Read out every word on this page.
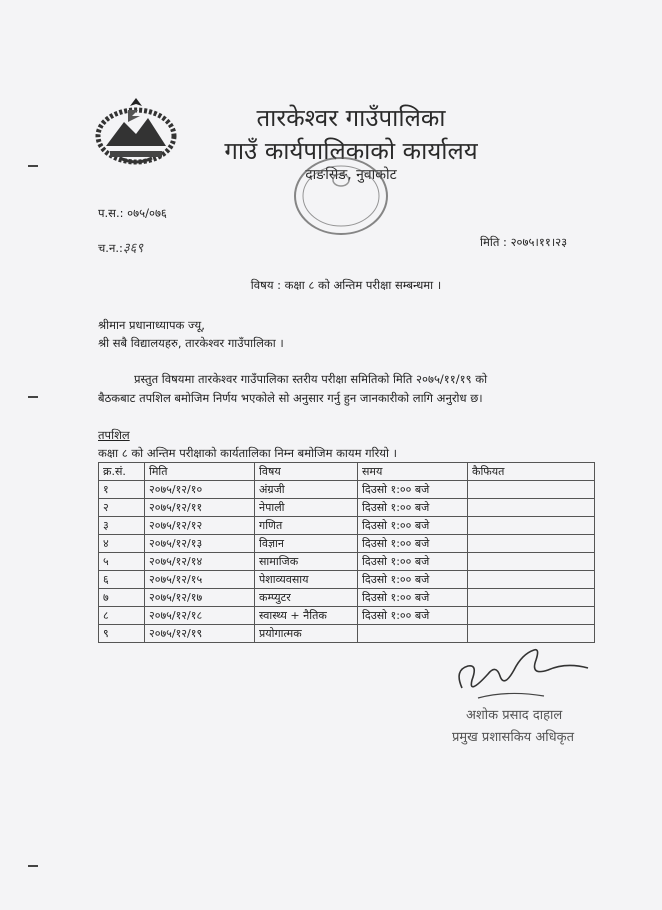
तारकेश्वर गाउँपालिका
गाउँ कार्यपालिकाको कार्यालय
दाङसिङ, नुवाकोट
प.स.: ०७५/०७६
च.न.:३६९	मिति : २०७५।११।२३
विषय : कक्षा ८ को अन्तिम परीक्षा सम्बन्धमा ।
श्रीमान प्रधानाध्यापक ज्यू,
श्री सबै विद्यालयहरु, तारकेश्वर गाउँपालिका ।
प्रस्तुत विषयमा तारकेश्वर गाउँपालिका स्तरीय परीक्षा समितिको मिति २०७५/११/१९ को
बैठकबाट तपशिल बमोजिम निर्णय भएकोले सो अनुसार गर्नु हुन जानकारीको लागि अनुरोध छ।
तपशिल
कक्षा ८ को अन्तिम परीक्षाको कार्यतालिका निम्न बमोजिम कायम गरियो ।
क्र.सं.	मिति	विषय	समय	कैफियत
१	२०७५/१२/१०	अंग्रजी	दिउसो १:०० बजे	
२	२०७५/१२/११	नेपाली	दिउसो १:०० बजे	
३	२०७५/१२/१२	गणित	दिउसो १:०० बजे	
४	२०७५/१२/१३	विज्ञान	दिउसो १:०० बजे	
५	२०७५/१२/१४	सामाजिक	दिउसो १:०० बजे	
६	२०७५/१२/१५	पेशाव्यवसाय	दिउसो १:०० बजे	
७	२०७५/१२/१७	कम्प्युटर	दिउसो १:०० बजे	
८	२०७५/१२/१८	स्वास्थ्य + नैतिक	दिउसो १:०० बजे	
९	२०७५/१२/१९	प्रयोगात्मक		
अशोक प्रसाद दाहाल
प्रमुख प्रशासकिय अधिकृत
